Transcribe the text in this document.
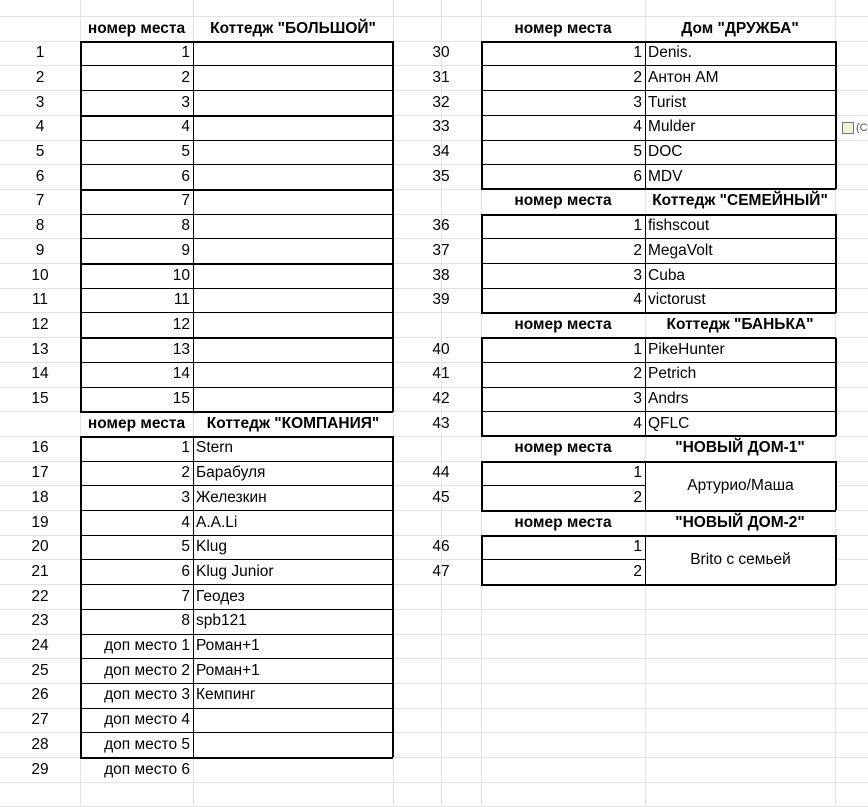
номер места	Коттедж "БОЛЬШОЙ"
1	1
2	2
3	3
4	4
5	5
6	6
7	7
8	8
9	9
10	10
11	11
12	12
13	13
14	14
15	15
номер места	Коттедж "КОМПАНИЯ"
16	1 Stern
17	2 Барабуля
18	3 Железкин
19	4 A.A.Li
20	5 Klug
21	6 Klug Junior
22	7 Геодез
23	8 spb121
24	доп место 1 Роман+1
25	доп место 2 Роман+1
26	доп место 3 Кемпинг
27	доп место 4
28	доп место 5
29	доп место 6
номер места	Дом "ДРУЖБА"
30	1 Denis.
31	2 Антон АМ
32	3 Turist
33	4 Mulder
34	5 DOC
35	6 MDV
номер места	Коттедж "СЕМЕЙНЫЙ"
36	1 fishscout
37	2 MegaVolt
38	3 Cuba
39	4 victorust
номер места	Коттедж "БАНЬКА"
40	1 PikeHunter
41	2 Petrich
42	3 Andrs
43	4 QFLC
номер места	"НОВЫЙ ДОМ-1"
44	1
45	2
Артурио/Маша
номер места	"НОВЫЙ ДОМ-2"
46	1
47	2
Brito с семьей
(C
